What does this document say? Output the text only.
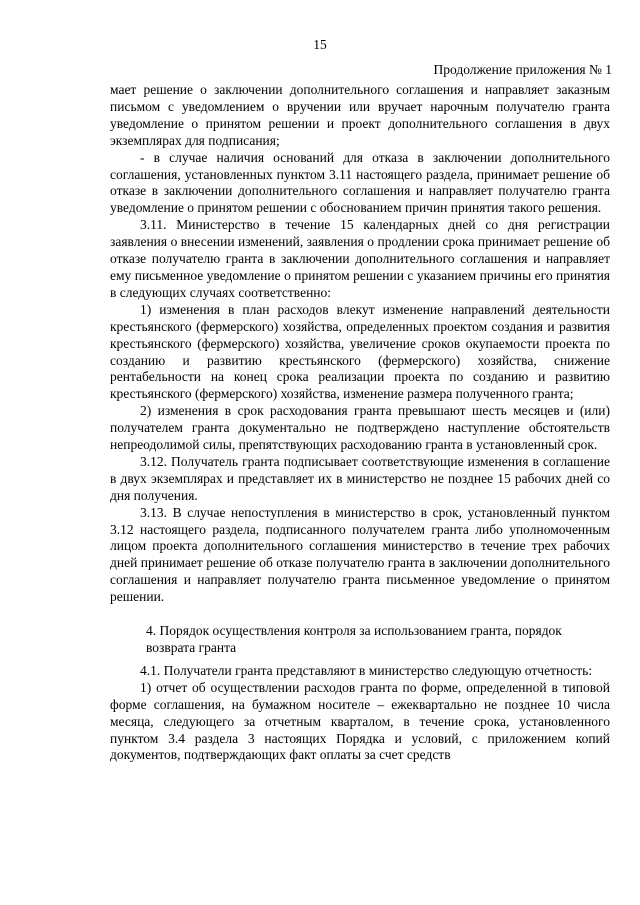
15
Продолжение приложения № 1

мает решение о заключении дополнительного соглашения и направляет заказным письмом с уведомлением о вручении или вручает нарочным получателю гранта уведомление о принятом решении и проект дополнительного соглашения в двух экземплярах для подписания;

- в случае наличия оснований для отказа в заключении дополнительного соглашения, установленных пунктом 3.11 настоящего раздела, принимает решение об отказе в заключении дополнительного соглашения и направляет получателю гранта уведомление о принятом решении с обоснованием причин принятия такого решения.

3.11. Министерство в течение 15 календарных дней со дня регистрации заявления о внесении изменений, заявления о продлении срока принимает решение об отказе получателю гранта в заключении дополнительного соглашения и направляет ему письменное уведомление о принятом решении с указанием причины его принятия в следующих случаях соответственно:

1) изменения в план расходов влекут изменение направлений деятельности крестьянского (фермерского) хозяйства, определенных проектом создания и развития крестьянского (фермерского) хозяйства, увеличение сроков окупаемости проекта по созданию и развитию крестьянского (фермерского) хозяйства, снижение рентабельности на конец срока реализации проекта по созданию и развитию крестьянского (фермерского) хозяйства, изменение размера полученного гранта;

2) изменения в срок расходования гранта превышают шесть месяцев и (или) получателем гранта документально не подтверждено наступление обстоятельств непреодолимой силы, препятствующих расходованию гранта в установленный срок.

3.12. Получатель гранта подписывает соответствующие изменения в соглашение в двух экземплярах и представляет их в министерство не позднее 15 рабочих дней со дня получения.

3.13. В случае непоступления в министерство в срок, установленный пунктом 3.12 настоящего раздела, подписанного получателем гранта либо уполномоченным лицом проекта дополнительного соглашения министерство в течение трех рабочих дней принимает решение об отказе получателю гранта в заключении дополнительного соглашения и направляет получателю гранта письменное уведомление о принятом решении.

4. Порядок осуществления контроля за использованием гранта, порядок возврата гранта

4.1. Получатели гранта представляют в министерство следующую отчетность:

1) отчет об осуществлении расходов гранта по форме, определенной в типовой форме соглашения, на бумажном носителе – ежеквартально не позднее 10 числа месяца, следующего за отчетным кварталом, в течение срока, установленного пунктом 3.4 раздела 3 настоящих Порядка и условий, с приложением копий документов, подтверждающих факт оплаты за счет средств
